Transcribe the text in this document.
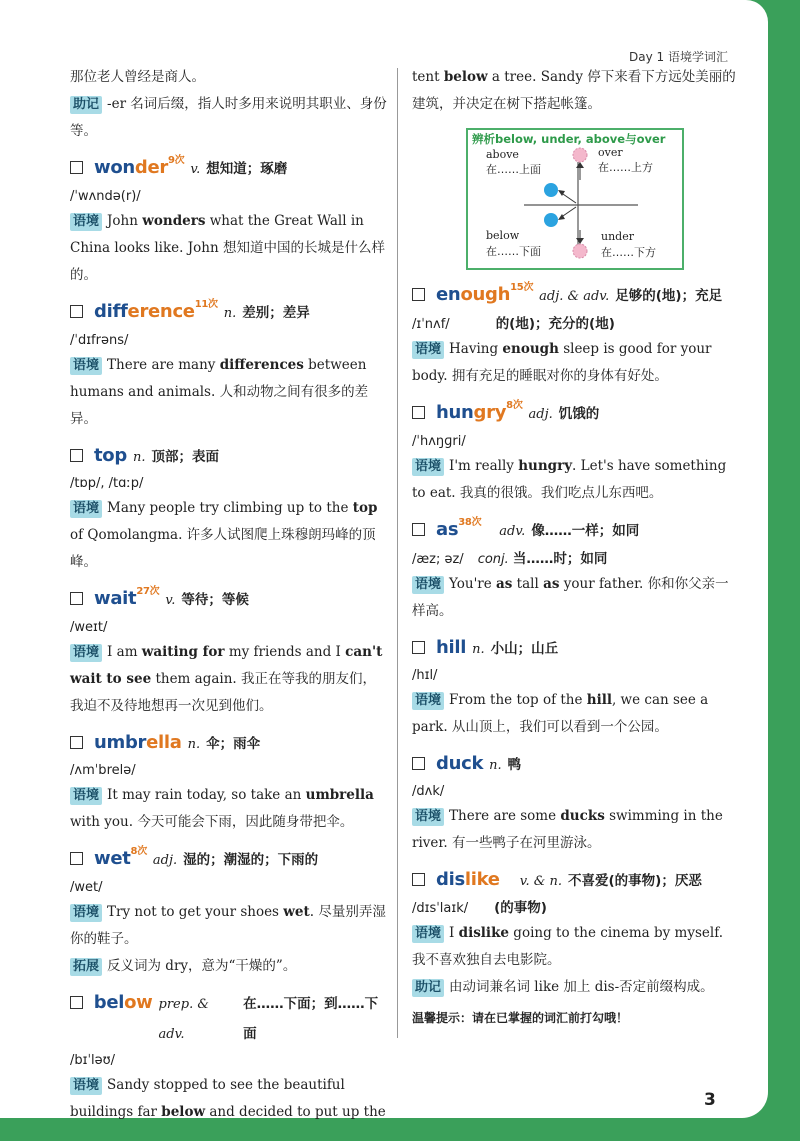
Day 1 语境学词汇

那位老人曾经是商人。

助记 -er 名词后缀，指人时多用来说明其职业、身份等。

wonder$^{9次}$
v. 想知道；琢磨
/ˈwʌndə(r)/

语境 John wonders what the Great Wall in China looks like. John 想知道中国的长城是什么样的。

difference$^{11次}$
n. 差别；差异
/ˈdɪfrəns/

语境 There are many differences between humans and animals. 人和动物之间有很多的差异。

top n. 顶部；表面
/tɒp/, /tɑːp/

语境 Many people try climbing up to the top of Qomolangma. 许多人试图爬上珠穆朗玛峰的顶峰。

wait$^{27次}$
v. 等待；等候
/weɪt/

语境 I am waiting for my friends and I can't wait to see them again. 我正在等我的朋友们，我迫不及待地想再一次见到他们。

umbrella n. 伞；雨伞
/ʌmˈbrelə/

语境 It may rain today, so take an umbrella with you. 今天可能会下雨，因此随身带把伞。

wet$^{8次}$
adj. 湿的；潮湿的；下雨的
/wet/

语境 Try not to get your shoes wet. 尽量别弄湿你的鞋子。

拓展 反义词为 dry，意为“干燥的”。

below prep. & adv.
在……下面；到……下面
/bɪˈləʊ/

语境 Sandy stopped to see the beautiful buildings far below and decided to put up the

tent below a tree. Sandy 停下来看下方远处美丽的建筑，并决定在树下搭起帐篷。

辨析below, under, above与over
above
在……上面
over
在……上方
below
在……下面
under
在……下方
enough$^{15次}$
adj. & adv. 足够的(地)；充足
/ɪˈnʌf/	的(地)；充分的(地)

语境 Having enough sleep is good for your body. 拥有充足的睡眠对你的身体有好处。

hungry$^{8次}$
adj. 饥饿的
/ˈhʌŋɡri/

语境 I'm really hungry. Let's have something to eat. 我真的很饿。我们吃点儿东西吧。

$as^{38次}$
adv. 像……一样；如同
/æz; əz/ conj. 当……时；如同

语境 You're as tall as your father. 你和你父亲一样高。

hill n. 小山；山丘
/hɪl/

语境 From the top of the hill, we can see a park. 从山顶上，我们可以看到一个公园。

duck n. 鸭
/dʌk/

语境 There are some ducks swimming in the river. 有一些鸭子在河里游泳。

dislike v. & n. 不喜爱(的事物)；厌恶
/dɪsˈlaɪk/ (的事物)

语境 I dislike going to the cinema by myself. 我不喜欢独自去电影院。

助记 由动词兼名词 like 加上 dis-否定前缀构成。

温馨提示：请在已掌握的词汇前打勾哦！
3
